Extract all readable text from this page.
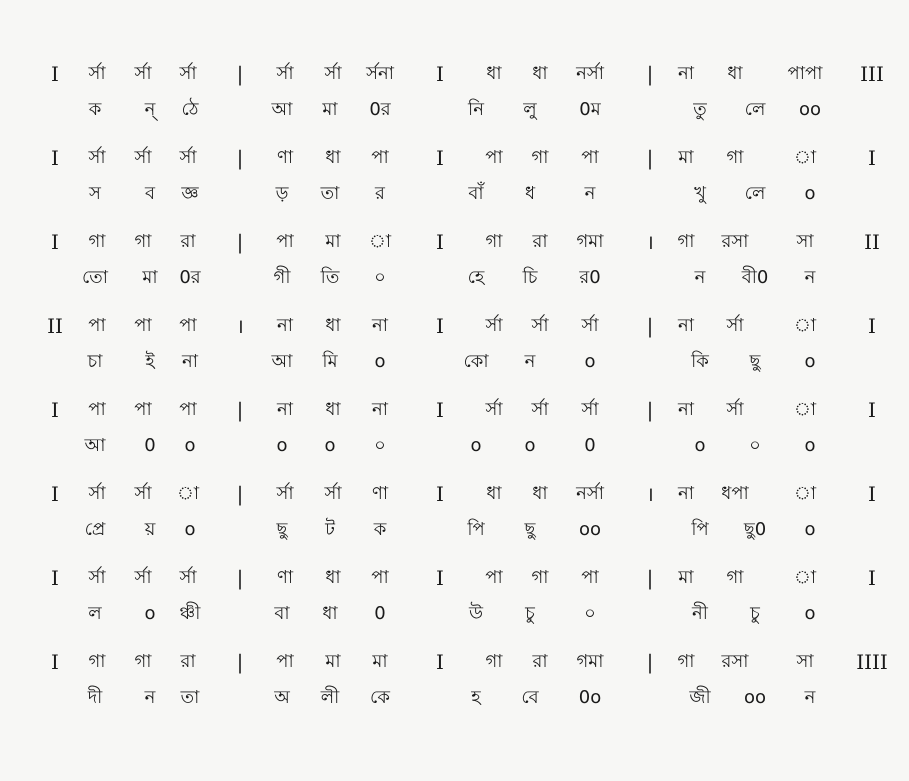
I র্সা র্সা র্সা | র্সা র্সা র্সনা I ধা ধা নর্সা | না ধা পাপা III
ক ন্ ঠে	আ মা 0র	নি লু 0ম	তু লে oo
I র্সা র্সা র্সা | ণা ধা পা I পা গা পা | মা গা	া	I
স ব জ্ঞ	ড় তা র	বাঁ ধ	ন	খু লে o
I গা গা রা | পা মা া I গা রা গমা । গা রসা	সা	II
তো মা 0র	গী তি ০	হে চি র0	ন বী0 ন
II পা পা পা । না ধা না I র্সা র্সা র্সা | না র্সা	া	I
চা ই না	আ মি o	কো ন	o	কি ছু o
I পা পা পা | না ধা না I র্সা র্সা র্সা | না র্সা	া	I
আ 0 o	o o ০	o o	0	o ০ o
I র্সা র্সা া | র্সা র্সা ণা I ধা ধা নর্সা । না ধপা	া	I
প্রে য় o	ছু ট ক	পি ছু oo	পি ছু0 o
I র্সা র্সা র্সা | ণা ধা পা I পা গা পা | মা গা	া	I
ল o ঞ্চী	বা ধা 0	উ চু	০	নী চু o
I গা গা রা | পা মা মা I গা রা গমা | গা রসা	সা IIII
দী ন তা	অ লী কে	হ বে 0o	জী oo ন
